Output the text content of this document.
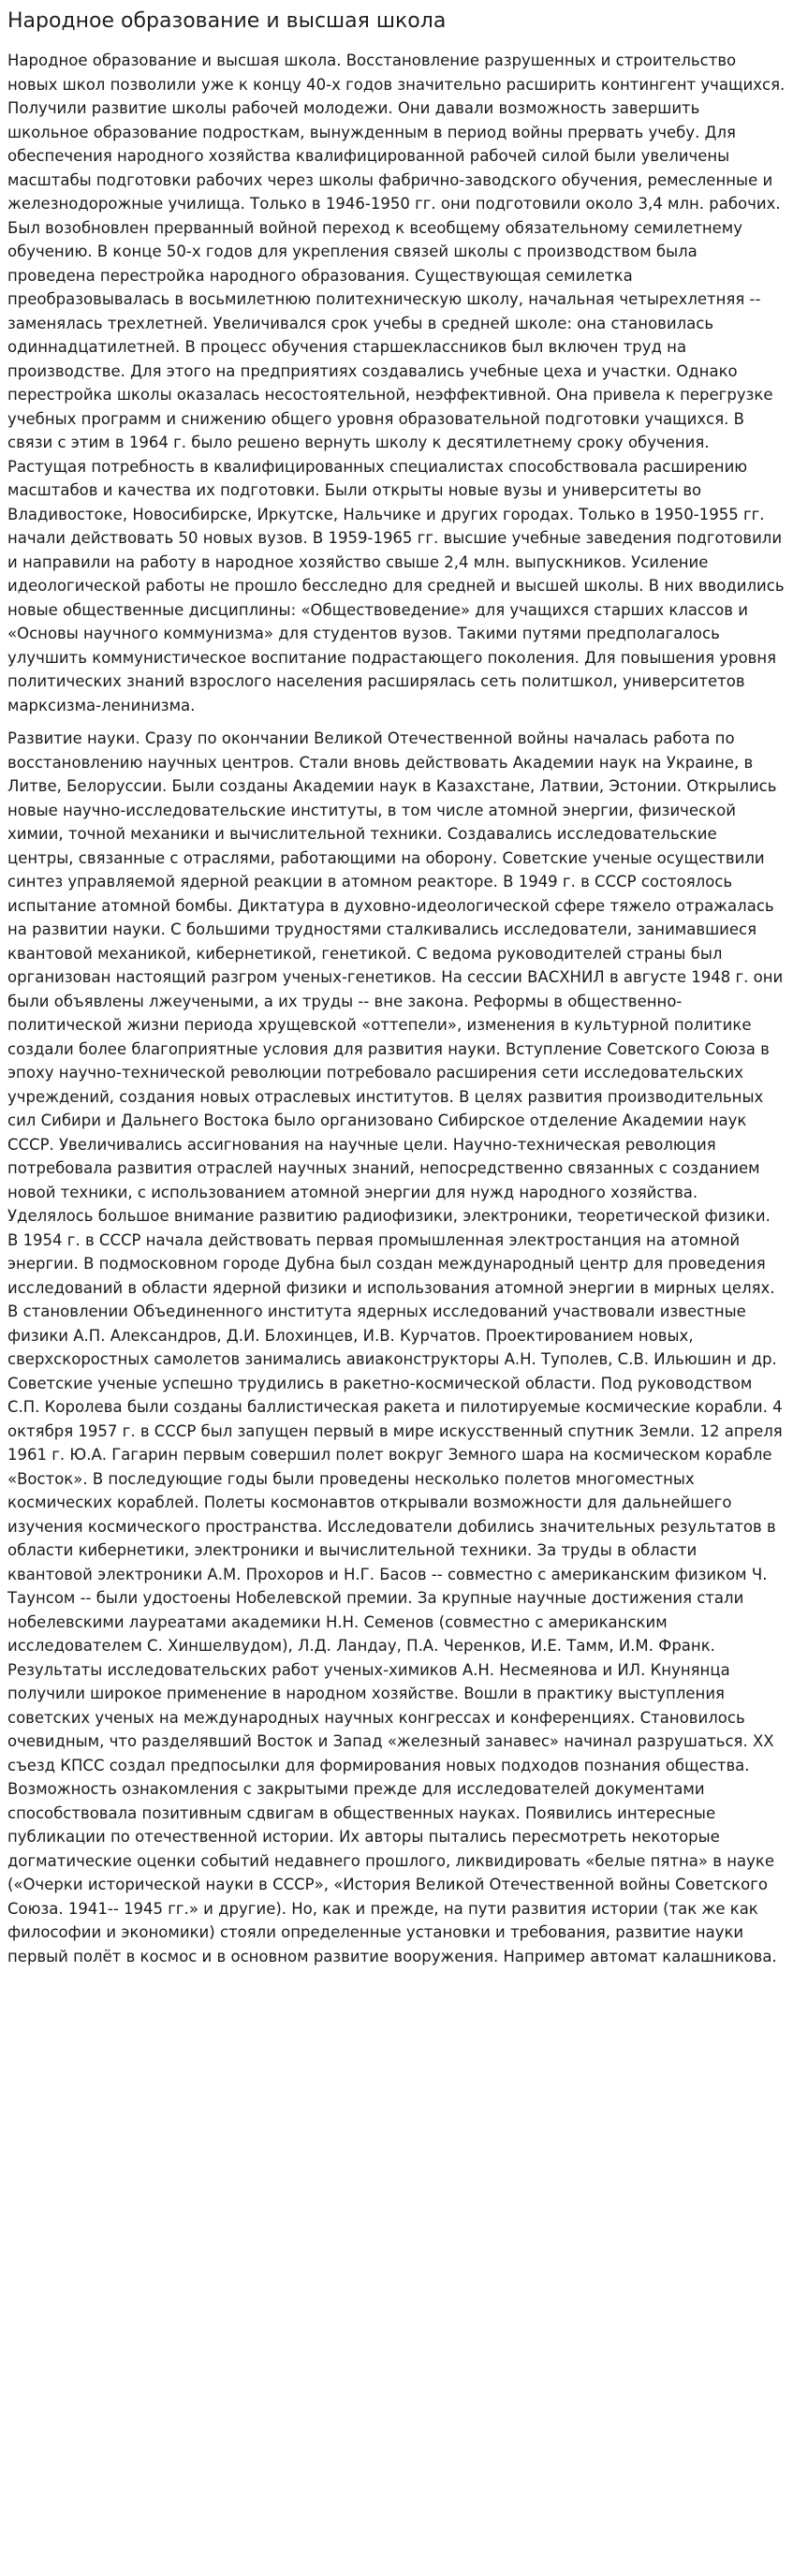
Народное образование и высшая школа

Народное образование и высшая школа. Восстановление разрушенных и строительство новых школ позволили уже к концу 40-х годов значительно расширить контингент учащихся. Получили развитие школы рабочей молодежи. Они давали возможность завершить школьное образование подросткам, вынужденным в период войны прервать учебу. Для обеспечения народного хозяйства квалифицированной рабочей силой были увеличены масштабы подготовки рабочих через школы фабрично-заводского обучения, ремесленные и железнодорожные училища. Только в 1946-1950 гг. они подготовили около 3,4 млн. рабочих. Был возобновлен прерванный войной переход к всеобщему обязательному семилетнему обучению. В конце 50-х годов для укрепления связей школы с производством была проведена перестройка народного образования. Существующая семилетка преобразовывалась в восьмилетнюю политехническую школу, начальная четырехлетняя -- заменялась трехлетней. Увеличивался срок учебы в средней школе: она становилась одиннадцатилетней. В процесс обучения старшеклассников был включен труд на производстве. Для этого на предприятиях создавались учебные цеха и участки. Однако перестройка школы оказалась несостоятельной, неэффективной. Она привела к перегрузке учебных программ и снижению общего уровня образовательной подготовки учащихся. В связи с этим в 1964 г. было решено вернуть школу к десятилетнему сроку обучения. Растущая потребность в квалифицированных специалистах способствовала расширению масштабов и качества их подготовки. Были открыты новые вузы и университеты во Владивостоке, Новосибирске, Иркутске, Нальчике и других городах. Только в 1950-1955 гг. начали действовать 50 новых вузов. В 1959-1965 гг. высшие учебные заведения подготовили и направили на работу в народное хозяйство свыше 2,4 млн. выпускников. Усиление идеологической работы не прошло бесследно для средней и высшей школы. В них вводились новые общественные дисциплины: «Обществоведение» для учащихся старших классов и «Основы научного коммунизма» для студентов вузов. Такими путями предполагалось улучшить коммунистическое воспитание подрастающего поколения. Для повышения уровня политических знаний взрослого населения расширялась сеть политшкол, университетов марксизма-ленинизма.

Развитие науки. Сразу по окончании Великой Отечественной войны началась работа по восстановлению научных центров. Стали вновь действовать Академии наук на Украине, в Литве, Белоруссии. Были созданы Академии наук в Казахстане, Латвии, Эстонии. Открылись новые научно-исследовательские институты, в том числе атомной энергии, физической химии, точной механики и вычислительной техники. Создавались исследовательские центры, связанные с отраслями, работающими на оборону. Советские ученые осуществили синтез управляемой ядерной реакции в атомном реакторе. В 1949 г. в СССР состоялось испытание атомной бомбы. Диктатура в духовно-идеологической сфере тяжело отражалась на развитии науки. С большими трудностями сталкивались исследователи, занимавшиеся квантовой механикой, кибернетикой, генетикой. С ведома руководителей страны был организован настоящий разгром ученых-генетиков. На сессии ВАСХНИЛ в августе 1948 г. они были объявлены лжеучеными, а их труды -- вне закона. Реформы в общественно-политической жизни периода хрущевской «оттепели», изменения в культурной политике создали более благоприятные условия для развития науки. Вступление Советского Союза в эпоху научно-технической революции потребовало расширения сети исследовательских учреждений, создания новых отраслевых институтов. В целях развития производительных сил Сибири и Дальнего Востока было организовано Сибирское отделение Академии наук СССР. Увеличивались ассигнования на научные цели. Научно-техническая революция потребовала развития отраслей научных знаний, непосредственно связанных с созданием новой техники, с использованием атомной энергии для нужд народного хозяйства. Уделялось большое внимание развитию радиофизики, электроники, теоретической физики. В 1954 г. в СССР начала действовать первая промышленная электростанция на атомной энергии. В подмосковном городе Дубна был создан международный центр для проведения исследований в области ядерной физики и использования атомной энергии в мирных целях. В становлении Объединенного института ядерных исследований участвовали известные физики А.П. Александров, Д.И. Блохинцев, И.В. Курчатов. Проектированием новых, сверхскоростных самолетов занимались авиаконструкторы А.Н. Туполев, С.В. Ильюшин и др. Советские ученые успешно трудились в ракетно-космической области. Под руководством С.П. Королева были созданы баллистическая ракета и пилотируемые космические корабли. 4 октября 1957 г. в СССР был запущен первый в мире искусственный спутник Земли. 12 апреля 1961 г. Ю.А. Гагарин первым совершил полет вокруг Земного шара на космическом корабле «Восток». В последующие годы были проведены несколько полетов многоместных космических кораблей. Полеты космонавтов открывали возможности для дальнейшего изучения космического пространства. Исследователи добились значительных результатов в области кибернетики, электроники и вычислительной техники. За труды в области квантовой электроники А.М. Прохоров и Н.Г. Басов -- совместно с американским физиком Ч. Таунсом -- были удостоены Нобелевской премии. За крупные научные достижения стали нобелевскими лауреатами академики Н.Н. Семенов (совместно с американским исследователем С. Хиншелвудом), Л.Д. Ландау, П.А. Черенков, И.Е. Тамм, И.М. Франк. Результаты исследовательских работ ученых-химиков А.Н. Несмеянова и ИЛ. Кнунянца получили широкое применение в народном хозяйстве. Вошли в практику выступления советских ученых на международных научных конгрессах и конференциях. Становилось очевидным, что разделявший Восток и Запад «железный занавес» начинал разрушаться. XX съезд КПСС создал предпосылки для формирования новых подходов познания общества. Возможность ознакомления с закрытыми прежде для исследователей документами способствовала позитивным сдвигам в общественных науках. Появились интересные публикации по отечественной истории. Их авторы пытались пересмотреть некоторые догматические оценки событий недавнего прошлого, ликвидировать «белые пятна» в науке («Очерки исторической науки в СССР», «История Великой Отечественной войны Советского Союза. 1941-- 1945 гг.» и другие). Но, как и прежде, на пути развития истории (так же как философии и экономики) стояли определенные установки и требования, развитие науки первый полёт в космос и в основном развитие вооружения. Например автомат калашникова.
